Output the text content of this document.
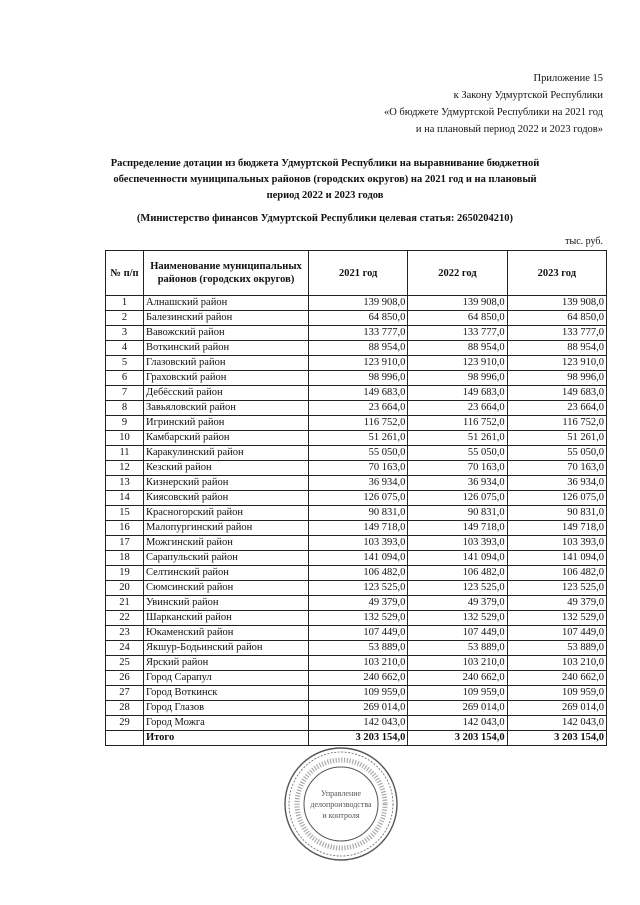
Приложение 15
к Закону Удмуртской Республики
«О бюджете Удмуртской Республики на 2021 год
и на плановый период 2022 и 2023 годов»
Распределение дотации из бюджета Удмуртской Республики на выравнивание бюджетной
обеспеченности муниципальных районов (городских округов) на 2021 год и на плановый
период 2022 и 2023 годов
(Министерство финансов Удмуртской Республики целевая статья: 2650204210)
тыс. руб.
№ п/п	Наименование муниципальных районов (городских округов)	2021 год	2022 год	2023 год
1	Алнашский район	139 908,0	139 908,0	139 908,0
2	Балезинский район	64 850,0	64 850,0	64 850,0
3	Вавожский район	133 777,0	133 777,0	133 777,0
4	Воткинский район	88 954,0	88 954,0	88 954,0
5	Глазовский район	123 910,0	123 910,0	123 910,0
6	Граховский район	98 996,0	98 996,0	98 996,0
7	Дебёсский район	149 683,0	149 683,0	149 683,0
8	Завьяловский район	23 664,0	23 664,0	23 664,0
9	Игринский район	116 752,0	116 752,0	116 752,0
10	Камбарский район	51 261,0	51 261,0	51 261,0
11	Каракулинский район	55 050,0	55 050,0	55 050,0
12	Кезский район	70 163,0	70 163,0	70 163,0
13	Кизнерский район	36 934,0	36 934,0	36 934,0
14	Киясовский район	126 075,0	126 075,0	126 075,0
15	Красногорский район	90 831,0	90 831,0	90 831,0
16	Малопургинский район	149 718,0	149 718,0	149 718,0
17	Можгинский район	103 393,0	103 393,0	103 393,0
18	Сарапульский район	141 094,0	141 094,0	141 094,0
19	Селтинский район	106 482,0	106 482,0	106 482,0
20	Сюмсинский район	123 525,0	123 525,0	123 525,0
21	Увинский район	49 379,0	49 379,0	49 379,0
22	Шарканский район	132 529,0	132 529,0	132 529,0
23	Юкаменский район	107 449,0	107 449,0	107 449,0
24	Якшур-Бодьинский район	53 889,0	53 889,0	53 889,0
25	Ярский район	103 210,0	103 210,0	103 210,0
26	Город Сарапул	240 662,0	240 662,0	240 662,0
27	Город Воткинск	109 959,0	109 959,0	109 959,0
28	Город Глазов	269 014,0	269 014,0	269 014,0
29	Город Можга	142 043,0	142 043,0	142 043,0
	Итого	3 203 154,0	3 203 154,0	3 203 154,0
Управление
делопроизводства
и контроля
